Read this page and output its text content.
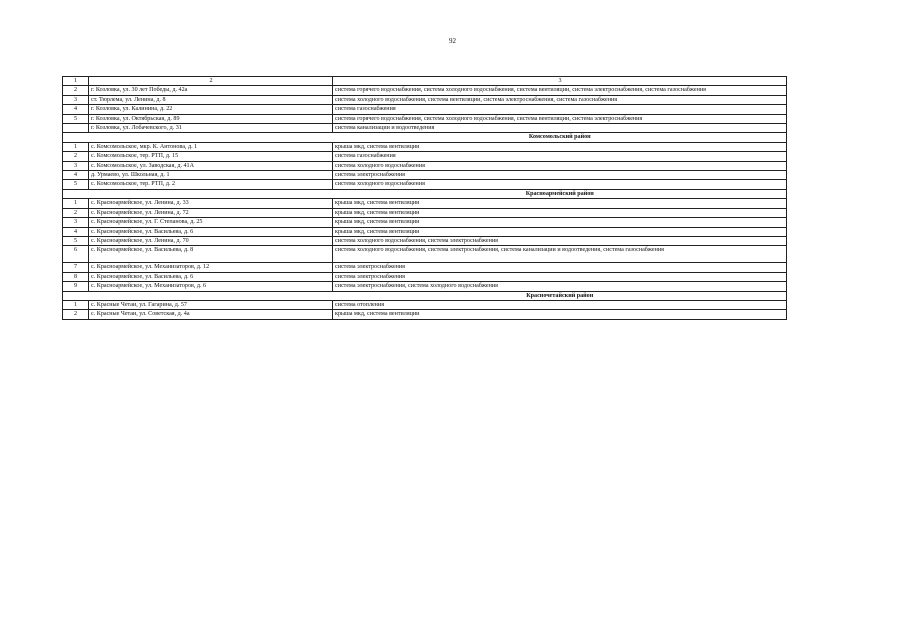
92
1	2	3
2	г. Козловка, ул. 30 лет Победы, д. 42а	система горячего водоснабжения, система холодного водоснабжения, система вентиляции, система электроснабжения, система газоснабжения
3	ст. Тюрлема, ул. Ленина, д. 8	система холодного водоснабжения, система вентиляции, система электроснабжения, система газоснабжения
4	г. Козловка, ул. Калинина, д. 22	система газоснабжения
5	г. Козловка, ул. Октябрьская, д. 89	система горячего водоснабжения, система холодного водоснабжения, система вентиляции, система электроснабжения
	г. Козловка, ул. Лобачевского, д. 31	система канализации и водоотведения
		Комсомольский район
1	с. Комсомольское, мкр. К. Антонова, д. 1	крыша мкд, система вентиляции
2	с. Комсомольское, тер. РТП, д. 15	система газоснабжения
3	с. Комсомольское, ул. Заводская, д. 41А	система холодного водоснабжения
4	д. Урмаево, ул. Школьная, д. 1	система электроснабжения
5	с. Комсомольское, тер. РТП, д. 2	система холодного водоснабжения
		Красноармейский район
1	с. Красноармейское, ул. Ленина, д. 33	крыша мкд, система вентиляции
2	с. Красноармейское, ул. Ленина, д. 72	крыша мкд, система вентиляции
3	с. Красноармейское, ул. Г. Степанова, д. 25	крыша мкд, система вентиляции
4	с. Красноармейское, ул. Васильева, д. 6	крыша мкд, система вентиляции
5	с. Красноармейское, ул. Ленина, д. 70	система холодного водоснабжения, система электроснабжения
6	с. Красноармейское, ул. Васильева, д. 8	система холодного водоснабжения, система электроснабжения, система канализации и водоотведения, система газоснабжения
7	с. Красноармейское, ул. Механизаторов, д. 12	система электроснабжения
8	с. Красноармейское, ул. Васильева, д. 6	система электроснабжения
9	с. Красноармейское, ул. Механизаторов, д. 6	система электроснабжения, система холодного водоснабжения
		Красночетайский район
1	с. Красные Четаи, ул. Гагарина, д. 57	система отопления
2	с. Красные Четаи, ул. Советская, д. 4а	крыша мкд, система вентиляции
